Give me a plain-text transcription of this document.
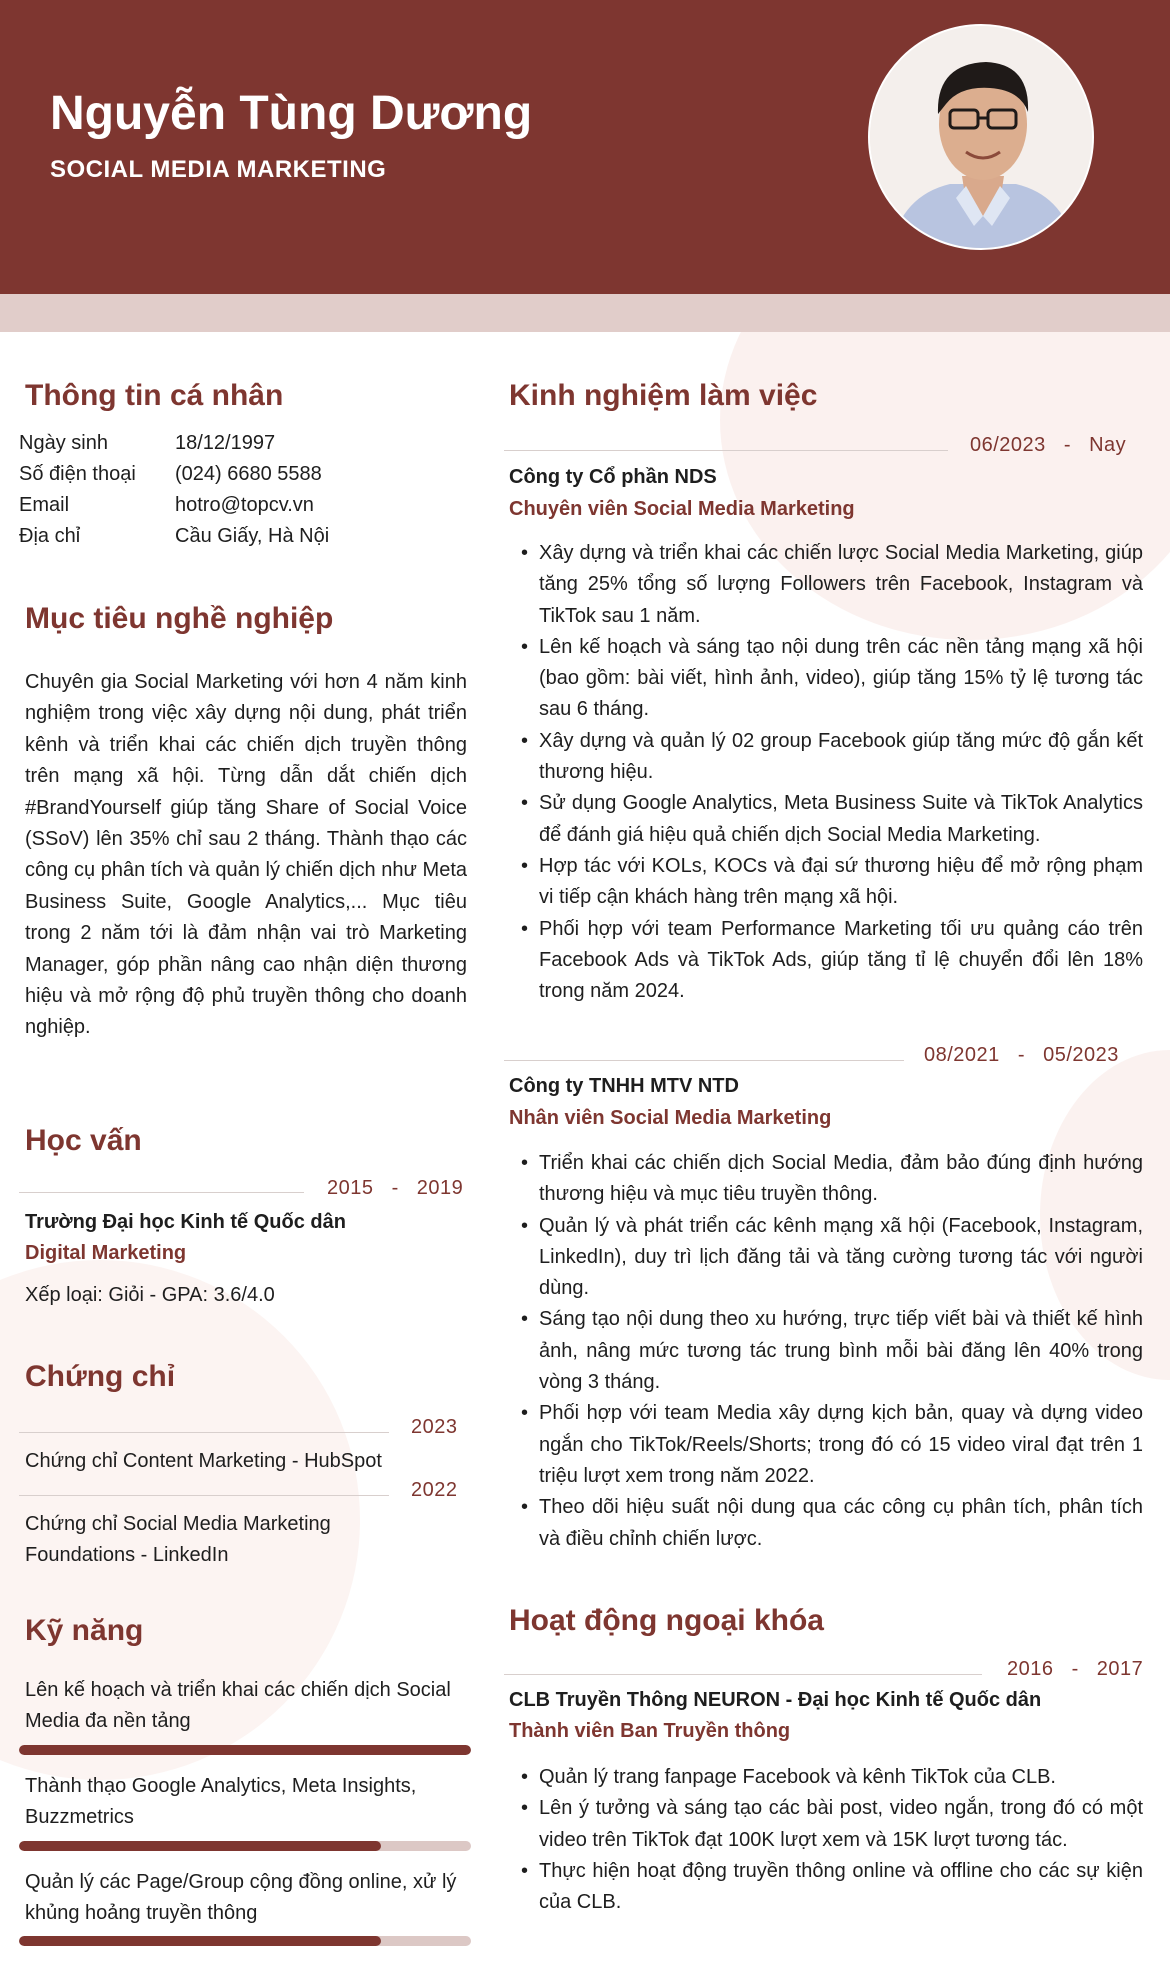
Nguyễn Tùng Dương
SOCIAL MEDIA MARKETING
Thông tin cá nhân
Ngày sinh	18/12/1997
Số điện thoại (024) 6680 5588
Email	hotro@topcv.vn
Địa chỉ	Cầu Giấy, Hà Nội
Mục tiêu nghề nghiệp
Chuyên gia Social Marketing với hơn 4 năm kinh nghiệm trong việc xây dựng nội dung, phát triển kênh và triển khai các chiến dịch truyền thông trên mạng xã hội. Từng dẫn dắt chiến dịch #BrandYourself giúp tăng Share of Social Voice (SSoV) lên 35% chỉ sau 2 tháng. Thành thạo các công cụ phân tích và quản lý chiến dịch như Meta Business Suite, Google Analytics,... Mục tiêu trong 2 năm tới là đảm nhận vai trò Marketing Manager, góp phần nâng cao nhận diện thương hiệu và mở rộng độ phủ truyền thông cho doanh nghiệp.
Học vấn
2015 - 2019
Trường Đại học Kinh tế Quốc dân
Digital Marketing
Xếp loại: Giỏi - GPA: 3.6/4.0
Chứng chỉ
2023
Chứng chỉ Content Marketing - HubSpot
2022
Chứng chỉ Social Media Marketing Foundations - LinkedIn
Kỹ năng
Lên kế hoạch và triển khai các chiến dịch Social Media đa nền tảng
Thành thạo Google Analytics, Meta Insights, Buzzmetrics
Quản lý các Page/Group cộng đồng online, xử lý khủng hoảng truyền thông
Kinh nghiệm làm việc
06/2023 - Nay
Công ty Cổ phần NDS
Chuyên viên Social Media Marketing
• Xây dựng và triển khai các chiến lược Social Media Marketing, giúp tăng 25% tổng số lượng Followers trên Facebook, Instagram và TikTok sau 1 năm.
• Lên kế hoạch và sáng tạo nội dung trên các nền tảng mạng xã hội (bao gồm: bài viết, hình ảnh, video), giúp tăng 15% tỷ lệ tương tác sau 6 tháng.
• Xây dựng và quản lý 02 group Facebook giúp tăng mức độ gắn kết thương hiệu.
• Sử dụng Google Analytics, Meta Business Suite và TikTok Analytics để đánh giá hiệu quả chiến dịch Social Media Marketing.
• Hợp tác với KOLs, KOCs và đại sứ thương hiệu để mở rộng phạm vi tiếp cận khách hàng trên mạng xã hội.
• Phối hợp với team Performance Marketing tối ưu quảng cáo trên Facebook Ads và TikTok Ads, giúp tăng tỉ lệ chuyển đổi lên 18% trong năm 2024.
08/2021 - 05/2023
Công ty TNHH MTV NTD
Nhân viên Social Media Marketing
• Triển khai các chiến dịch Social Media, đảm bảo đúng định hướng thương hiệu và mục tiêu truyền thông.
• Quản lý và phát triển các kênh mạng xã hội (Facebook, Instagram, LinkedIn), duy trì lịch đăng tải và tăng cường tương tác với người dùng.
• Sáng tạo nội dung theo xu hướng, trực tiếp viết bài và thiết kế hình ảnh, nâng mức tương tác trung bình mỗi bài đăng lên 40% trong vòng 3 tháng.
• Phối hợp với team Media xây dựng kịch bản, quay và dựng video ngắn cho TikTok/Reels/Shorts; trong đó có 15 video viral đạt trên 1 triệu lượt xem trong năm 2022.
• Theo dõi hiệu suất nội dung qua các công cụ phân tích, phân tích và điều chỉnh chiến lược.
Hoạt động ngoại khóa
2016 - 2017
CLB Truyền Thông NEURON - Đại học Kinh tế Quốc dân
Thành viên Ban Truyền thông
• Quản lý trang fanpage Facebook và kênh TikTok của CLB.
• Lên ý tưởng và sáng tạo các bài post, video ngắn, trong đó có một video trên TikTok đạt 100K lượt xem và 15K lượt tương tác.
• Thực hiện hoạt động truyền thông online và offline cho các sự kiện của CLB.
